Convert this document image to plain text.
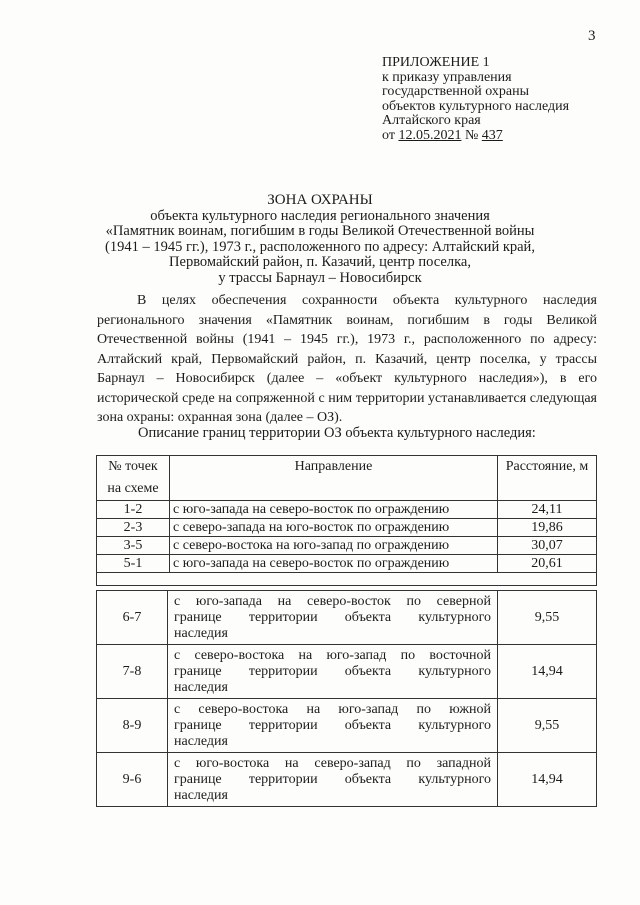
3
ПРИЛОЖЕНИЕ 1
к приказу управления
государственной охраны
объектов культурного наследия
Алтайского края
от 12.05.2021 № 437
ЗОНА ОХРАНЫ
объекта культурного наследия регионального значения
«Памятник воинам, погибшим в годы Великой Отечественной войны
(1941 – 1945 гг.), 1973 г., расположенного по адресу: Алтайский край,
Первомайский район, п. Казачий, центр поселка,
у трассы Барнаул – Новосибирск
В целях обеспечения сохранности объекта культурного наследия регионального значения «Памятник воинам, погибшим в годы Великой Отечественной войны (1941 – 1945 гг.), 1973 г., расположенного по адресу: Алтайский край, Первомайский район, п. Казачий, центр поселка, у трассы Барнаул – Новосибирск (далее – «объект культурного наследия»), в его исторической среде на сопряженной с ним территории устанавливается следующая зона охраны: охранная зона (далее – ОЗ).
Описание границ территории ОЗ объекта культурного наследия:
№ точек
на схеме	Направление	Расстояние, м
1-2	с юго-запада на северо-восток по ограждению	24,11
2-3	с северо-запада на юго-восток по ограждению	19,86
3-5	с северо-востока на юго-запад по ограждению	30,07
5-1	с юго-запада на северо-восток по ограждению	20,61

6-7	с юго-запада на северо-восток по северной
границе территории объекта культурного
наследия	9,55
7-8	с северо-востока на юго-запад по восточной
границе территории объекта культурного
наследия	14,94
8-9	с северо-востока на юго-запад по южной
границе территории объекта культурного
наследия	9,55
9-6	с юго-востока на северо-запад по западной
границе территории объекта культурного
наследия	14,94
